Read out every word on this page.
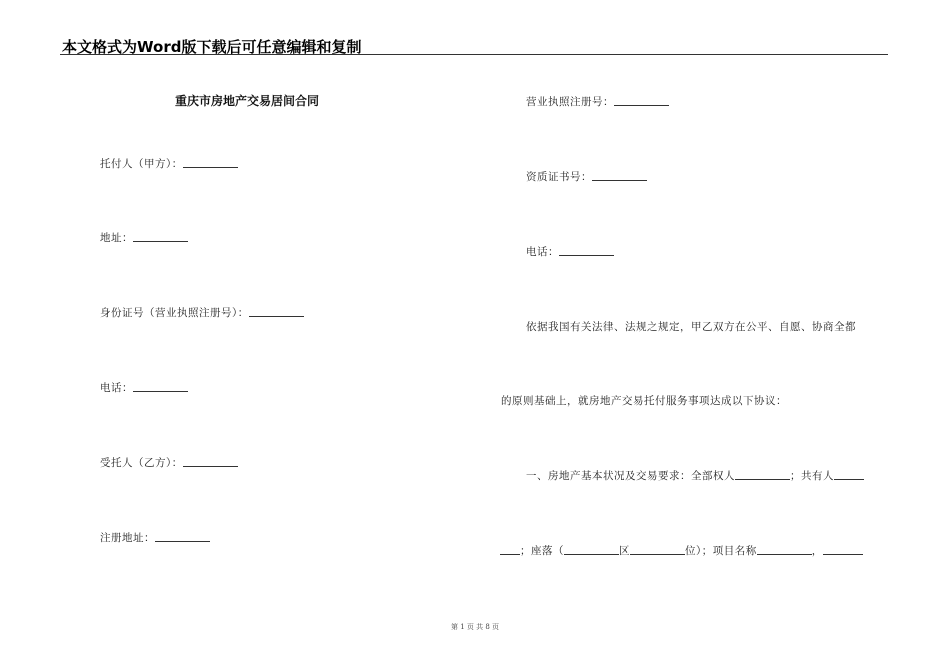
本文格式为Word版下载后可任意编辑和复制
重庆市房地产交易居间合同
托付人（甲方）：
地址：
身份证号（营业执照注册号）：
电话：
受托人（乙方）：
注册地址：
营业执照注册号：
资质证书号：
电话：
依据我国有关法律、法规之规定，甲乙双方在公平、自愿、协商全都
的原则基础上，就房地产交易托付服务事项达成以下协议：
一、房地产基本状况及交易要求：全部权人	；共有人
；座落（	区	位）；项目名称	，
第 1 页 共 8 页
